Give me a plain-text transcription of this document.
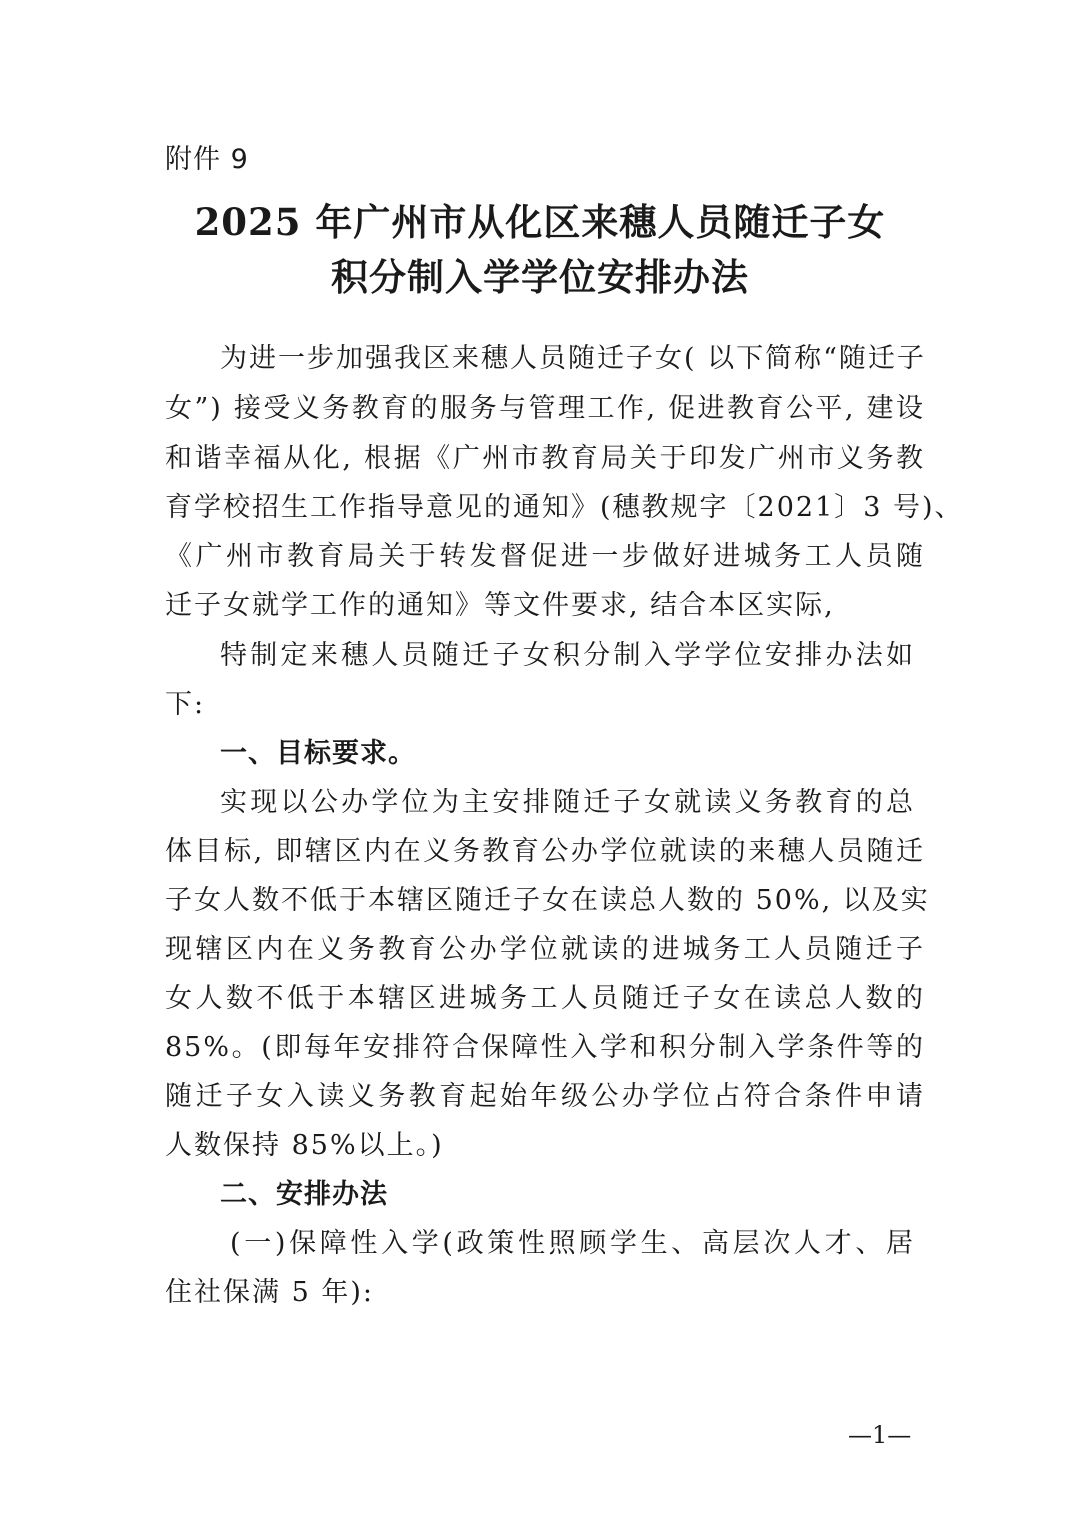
附件 9
2025 年广州市从化区来穗人员随迁子女
积分制入学学位安排办法
为进一步加强我区来穗人员随迁子女( 以下简称“随迁子
女”) 接受义务教育的服务与管理工作, 促进教育公平, 建设
和谐幸福从化, 根据《广州市教育局关于印发广州市义务教
育学校招生工作指导意见的通知》(穗教规字〔2021〕3 号)、
《广州市教育局关于转发督促进一步做好进城务工人员随
迁子女就学工作的通知》等文件要求, 结合本区实际,
特制定来穗人员随迁子女积分制入学学位安排办法如
下:
一、目标要求。
实现以公办学位为主安排随迁子女就读义务教育的总
体目标, 即辖区内在义务教育公办学位就读的来穗人员随迁
子女人数不低于本辖区随迁子女在读总人数的 50%, 以及实
现辖区内在义务教育公办学位就读的进城务工人员随迁子
女人数不低于本辖区进城务工人员随迁子女在读总人数的
85%。(即每年安排符合保障性入学和积分制入学条件等的
随迁子女入读义务教育起始年级公办学位占符合条件申请
人数保持 85%以上。)
二、安排办法
(一)保障性入学(政策性照顾学生、高层次人才、居
住社保满 5 年):
—1—
